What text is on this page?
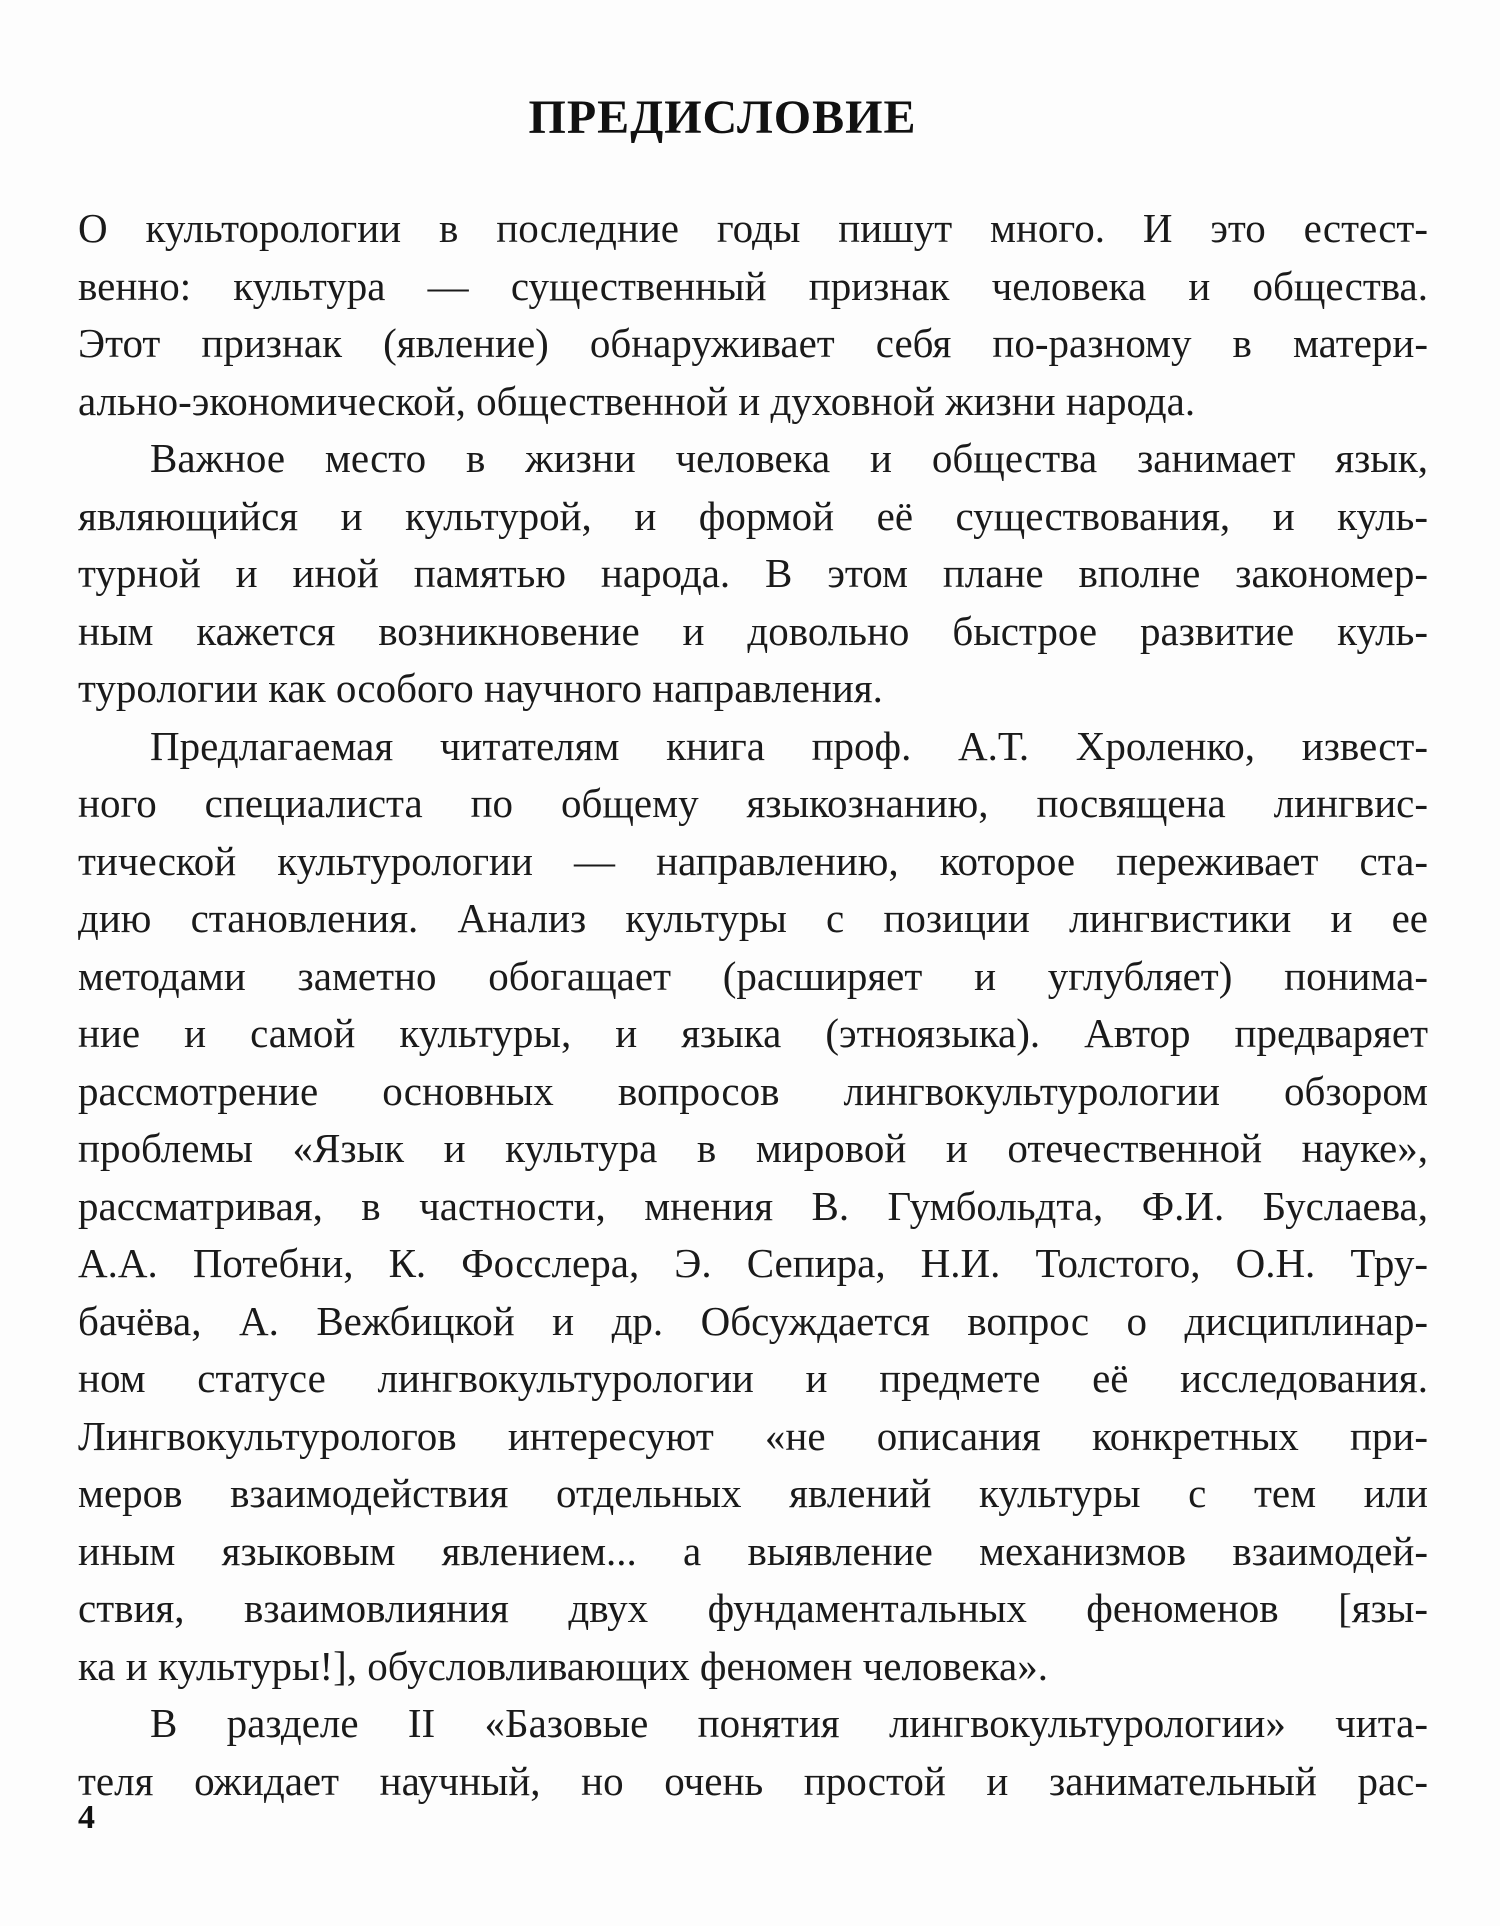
ПРЕДИСЛОВИЕ
О культорологии в последние годы пишут много. И это естест-
венно: культура — существенный признак человека и общества.
Этот признак (явление) обнаруживает себя по-разному в матери-
ально-экономической, общественной и духовной жизни народа.
Важное место в жизни человека и общества занимает язык,
являющийся и культурой, и формой её существования, и куль-
турной и иной памятью народа. В этом плане вполне закономер-
ным кажется возникновение и довольно быстрое развитие куль-
турологии как особого научного направления.
Предлагаемая читателям книга проф. А.Т. Хроленко, извест-
ного специалиста по общему языкознанию, посвящена лингвис-
тической культурологии — направлению, которое переживает ста-
дию становления. Анализ культуры с позиции лингвистики и ее
методами заметно обогащает (расширяет и углубляет) понима-
ние и самой культуры, и языка (этноязыка). Автор предваряет
рассмотрение основных вопросов лингвокультурологии обзором
проблемы «Язык и культура в мировой и отечественной науке»,
рассматривая, в частности, мнения В. Гумбольдта, Ф.И. Буслаева,
А.А. Потебни, К. Фосслера, Э. Сепира, Н.И. Толстого, О.Н. Тру-
бачёва, А. Вежбицкой и др. Обсуждается вопрос о дисциплинар-
ном статусе лингвокультурологии и предмете её исследования.
Лингвокультурологов интересуют «не описания конкретных при-
меров взаимодействия отдельных явлений культуры с тем или
иным языковым явлением... а выявление механизмов взаимодей-
ствия, взаимовлияния двух фундаментальных феноменов [язы-
ка и культуры!], обусловливающих феномен человека».
В разделе II «Базовые понятия лингвокультурологии» чита-
теля ожидает научный, но очень простой и занимательный рас-
4
